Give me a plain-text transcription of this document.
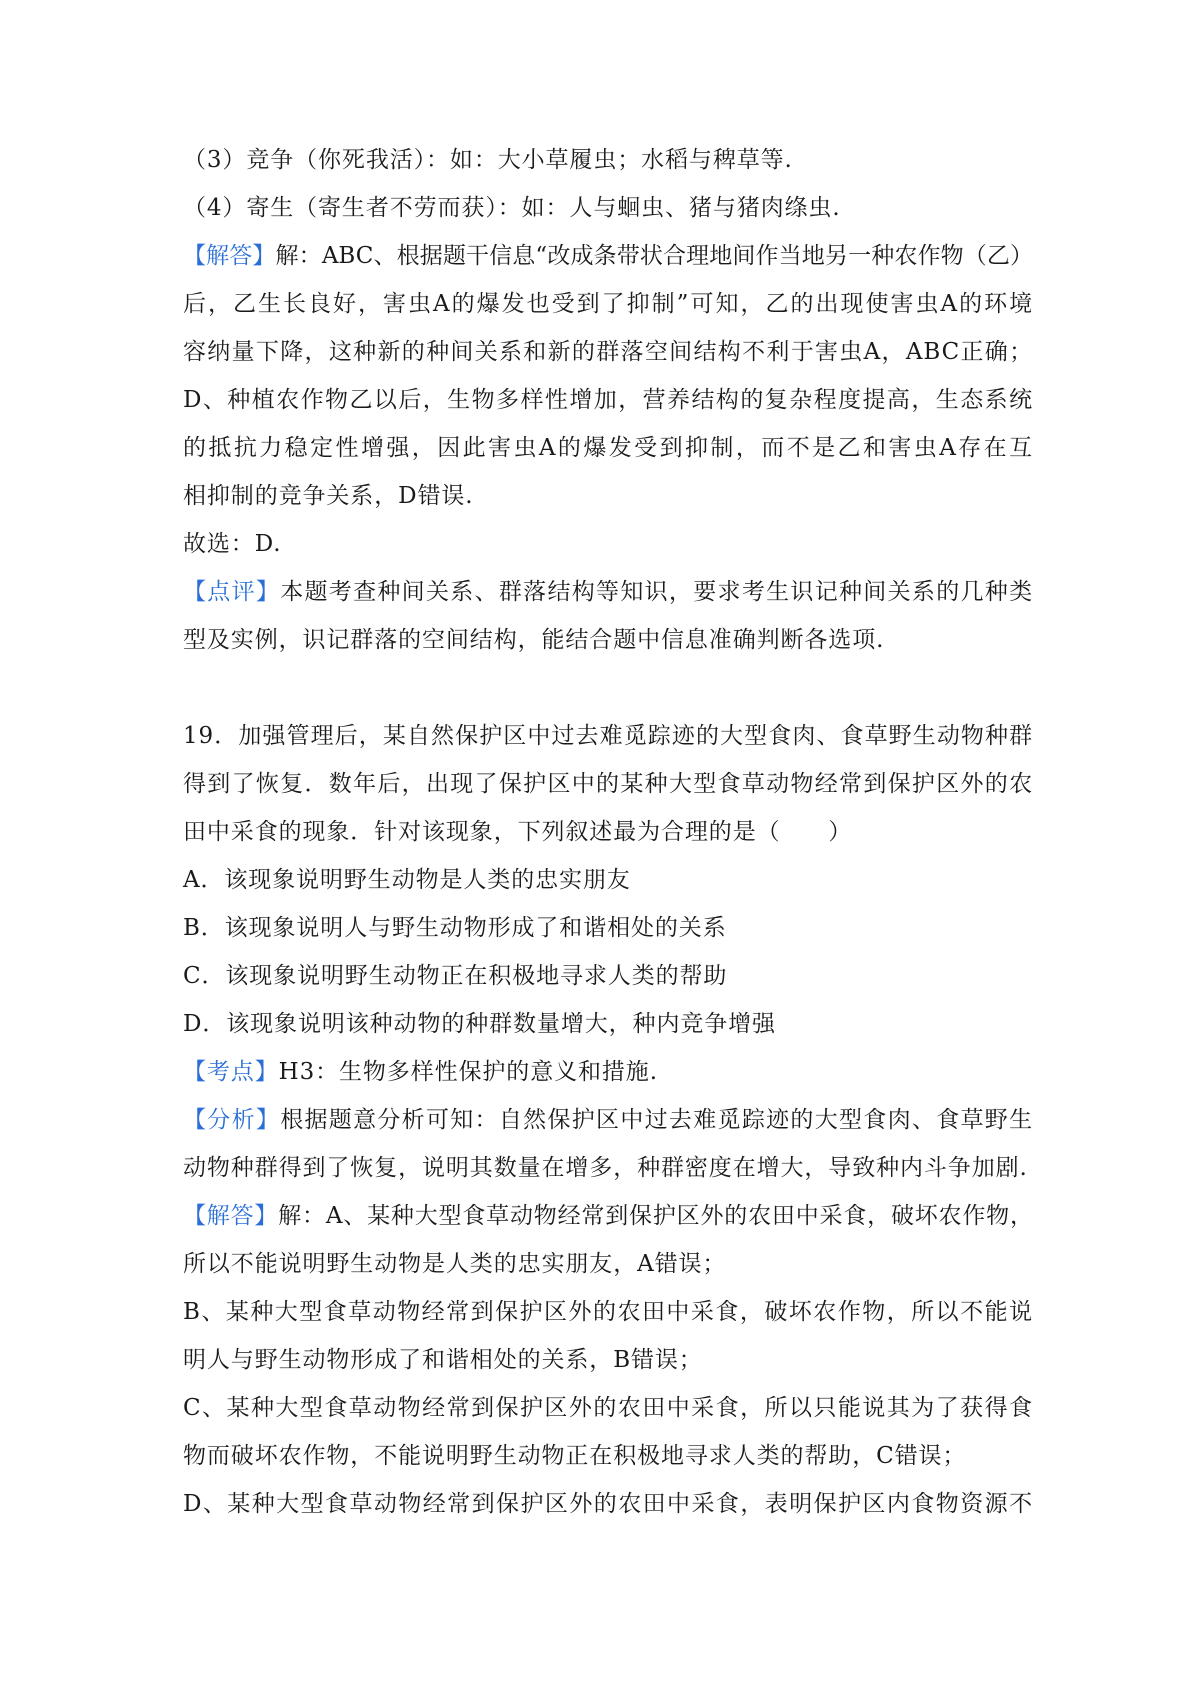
（3）竞争（你死我活）：如：大小草履虫；水稻与稗草等.
（4）寄生（寄生者不劳而获）：如：人与蛔虫、猪与猪肉绦虫.
【解答】解：ABC、根据题干信息“改成条带状合理地间作当地另一种农作物（乙）
后，乙生长良好，害虫A的爆发也受到了抑制”可知，乙的出现使害虫A的环境
容纳量下降，这种新的种间关系和新的群落空间结构不利于害虫A，ABC正确；
D、种植农作物乙以后，生物多样性增加，营养结构的复杂程度提高，生态系统
的抵抗力稳定性增强，因此害虫A的爆发受到抑制，而不是乙和害虫A存在互
相抑制的竞争关系，D错误.
故选：D.
【点评】本题考查种间关系、群落结构等知识，要求考生识记种间关系的几种类
型及实例，识记群落的空间结构，能结合题中信息准确判断各选项.
19．加强管理后，某自然保护区中过去难觅踪迹的大型食肉、食草野生动物种群
得到了恢复．数年后，出现了保护区中的某种大型食草动物经常到保护区外的农
田中采食的现象．针对该现象，下列叙述最为合理的是（　　）
A．该现象说明野生动物是人类的忠实朋友
B．该现象说明人与野生动物形成了和谐相处的关系
C．该现象说明野生动物正在积极地寻求人类的帮助
D．该现象说明该种动物的种群数量增大，种内竞争增强
【考点】H3：生物多样性保护的意义和措施.
【分析】根据题意分析可知：自然保护区中过去难觅踪迹的大型食肉、食草野生
动物种群得到了恢复，说明其数量在增多，种群密度在增大，导致种内斗争加剧.
【解答】解：A、某种大型食草动物经常到保护区外的农田中采食，破坏农作物，
所以不能说明野生动物是人类的忠实朋友，A错误；
B、某种大型食草动物经常到保护区外的农田中采食，破坏农作物，所以不能说
明人与野生动物形成了和谐相处的关系，B错误；
C、某种大型食草动物经常到保护区外的农田中采食，所以只能说其为了获得食
物而破坏农作物，不能说明野生动物正在积极地寻求人类的帮助，C错误；
D、某种大型食草动物经常到保护区外的农田中采食，表明保护区内食物资源不
